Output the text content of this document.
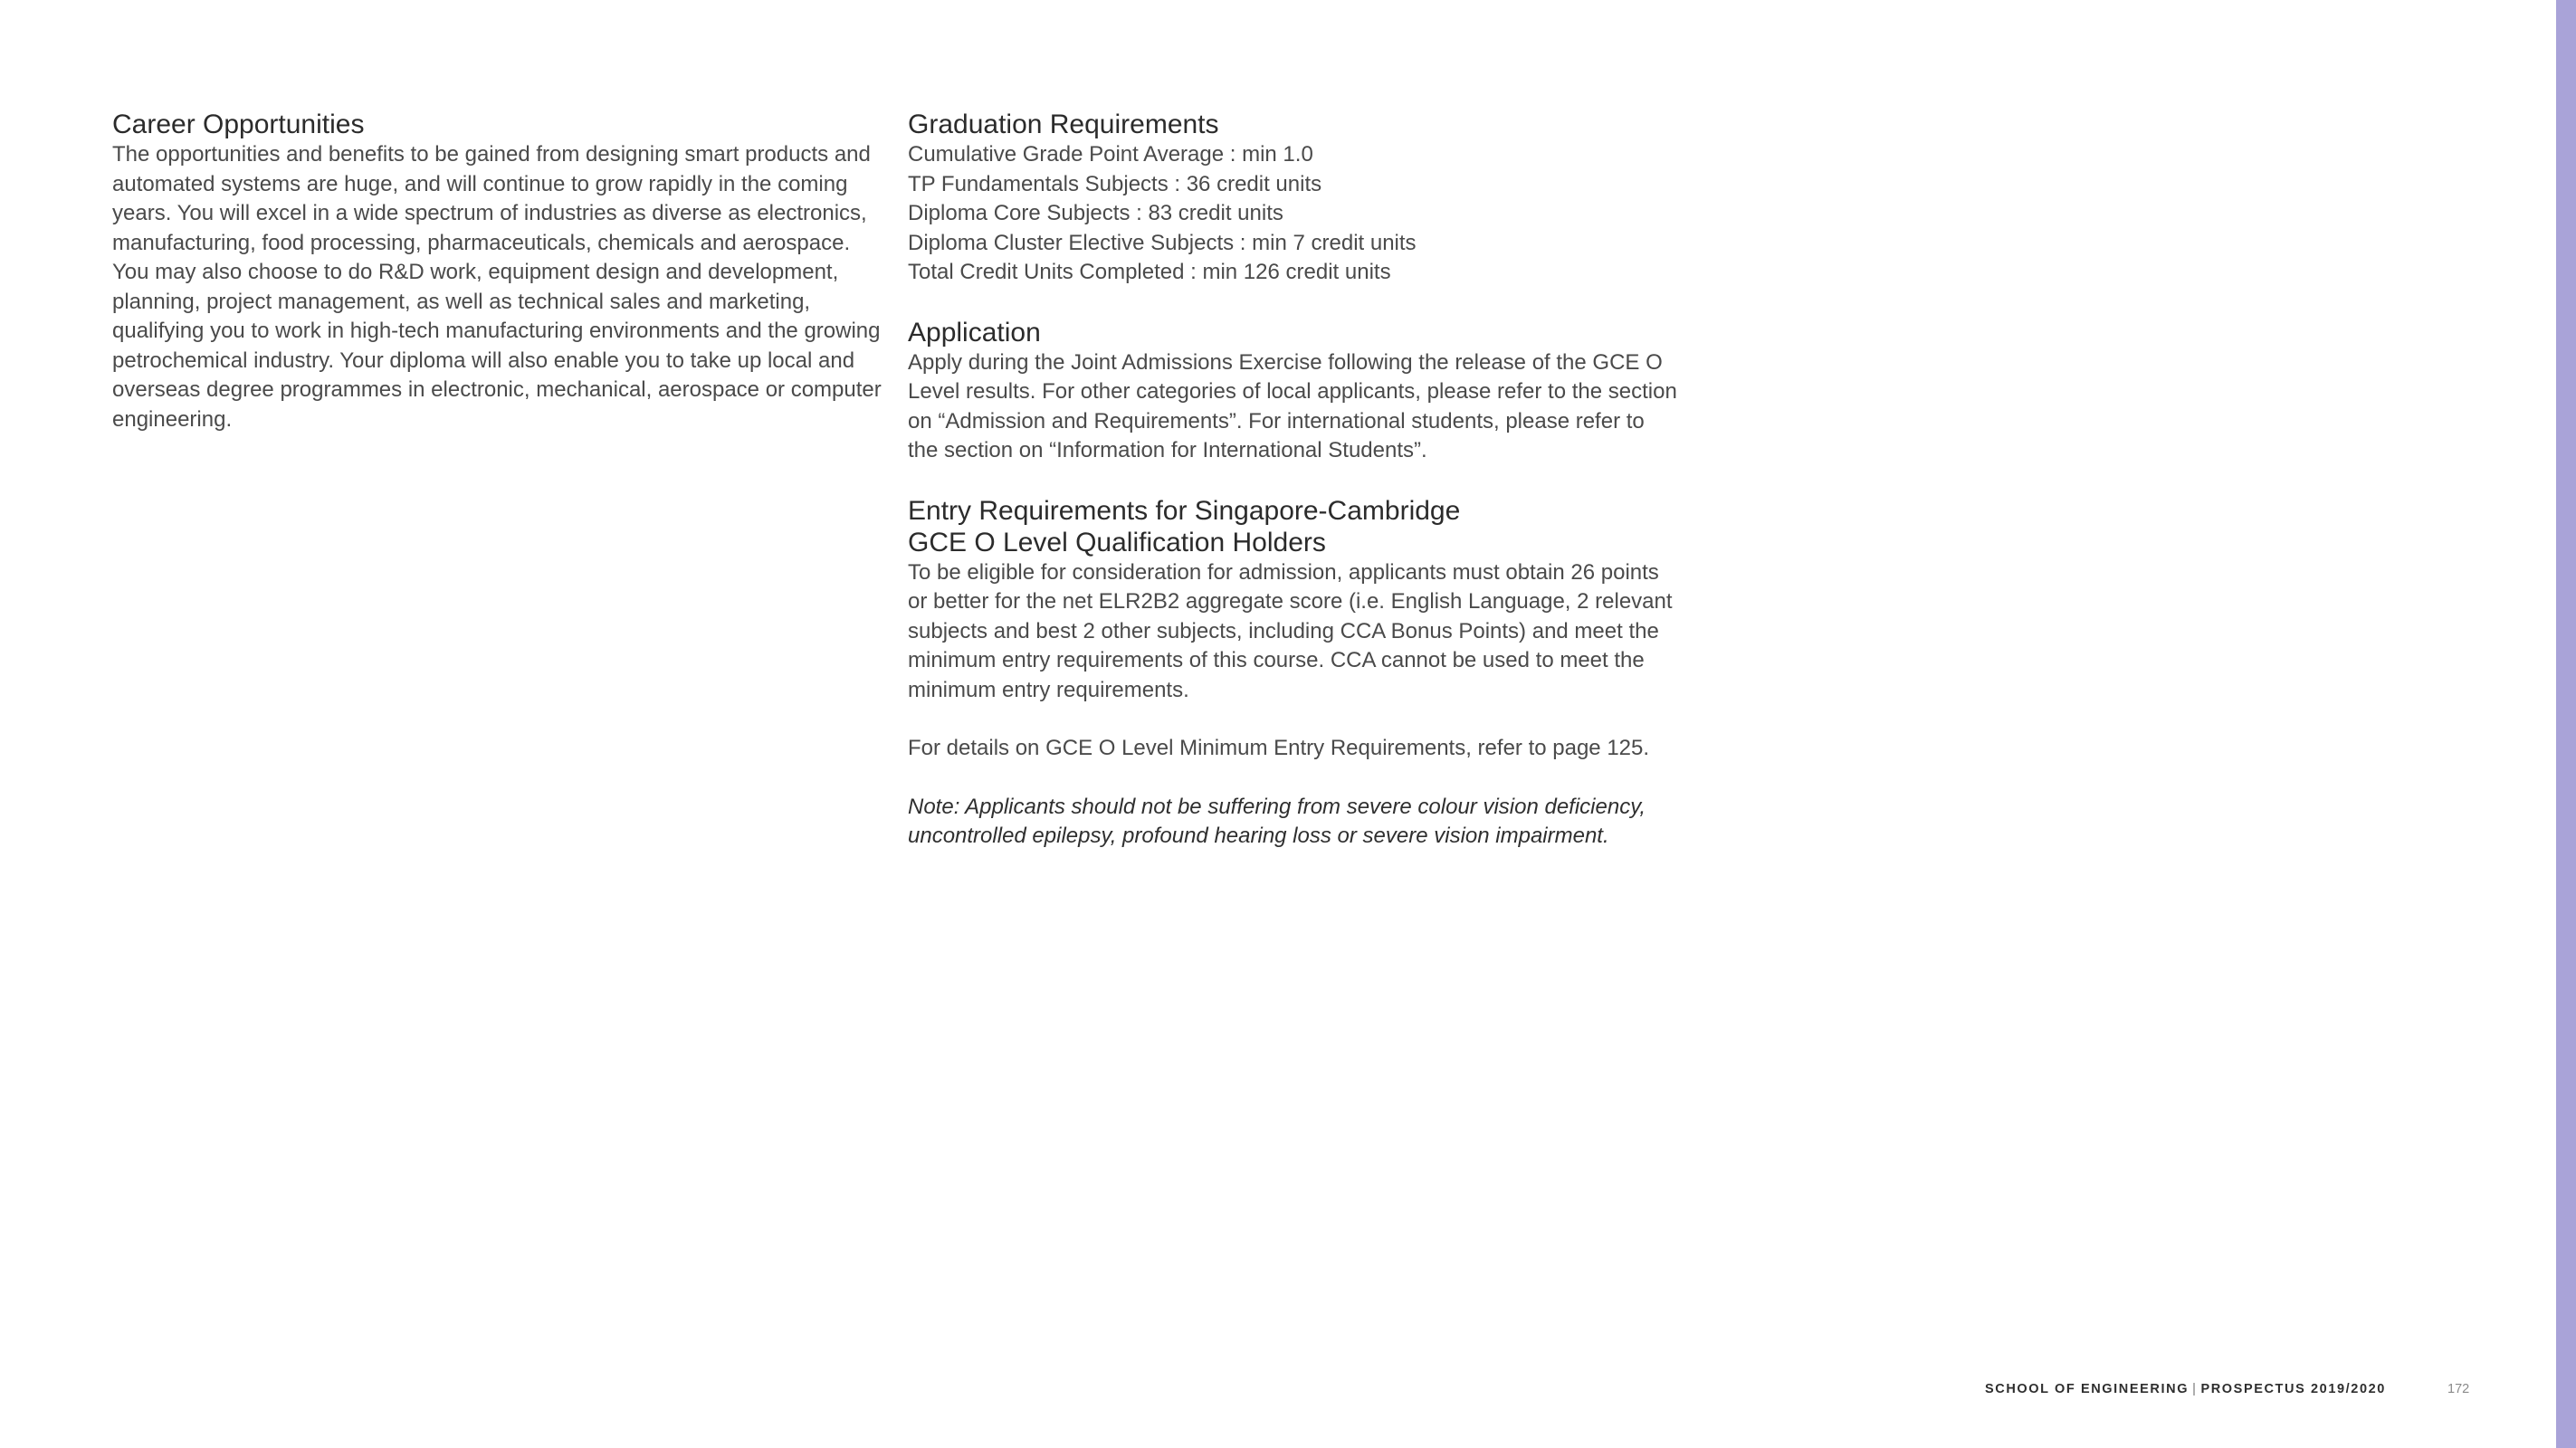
Career Opportunities

The opportunities and benefits to be gained from designing smart products and automated systems are huge, and will continue to grow rapidly in the coming years. You will excel in a wide spectrum of industries as diverse as electronics, manufacturing, food processing, pharmaceuticals, chemicals and aerospace. You may also choose to do R&D work, equipment design and development, planning, project management, as well as technical sales and marketing, qualifying you to work in high-tech manufacturing environments and the growing petrochemical industry. Your diploma will also enable you to take up local and overseas degree programmes in electronic, mechanical, aerospace or computer engineering.

Graduation Requirements
Cumulative Grade Point Average : min 1.0
TP Fundamentals Subjects : 36 credit units
Diploma Core Subjects : 83 credit units
Diploma Cluster Elective Subjects : min 7 credit units
Total Credit Units Completed : min 126 credit units
Application

Apply during the Joint Admissions Exercise following the release of the GCE O Level results. For other categories of local applicants, please refer to the section on “Admission and Requirements”. For international students, please refer to the section on “Information for International Students”.

Entry Requirements for Singapore-Cambridge
GCE O Level Qualification Holders

To be eligible for consideration for admission, applicants must obtain 26 points or better for the net ELR2B2 aggregate score (i.e. English Language, 2 relevant subjects and best 2 other subjects, including CCA Bonus Points) and meet the minimum entry requirements of this course. CCA cannot be used to meet the minimum entry requirements.

For details on GCE O Level Minimum Entry Requirements, refer to page 125.

Note: Applicants should not be suffering from severe colour vision deficiency, uncontrolled epilepsy, profound hearing loss or severe vision impairment.

SCHOOL OF ENGINEERING | PROSPECTUS 2019/2020	172
